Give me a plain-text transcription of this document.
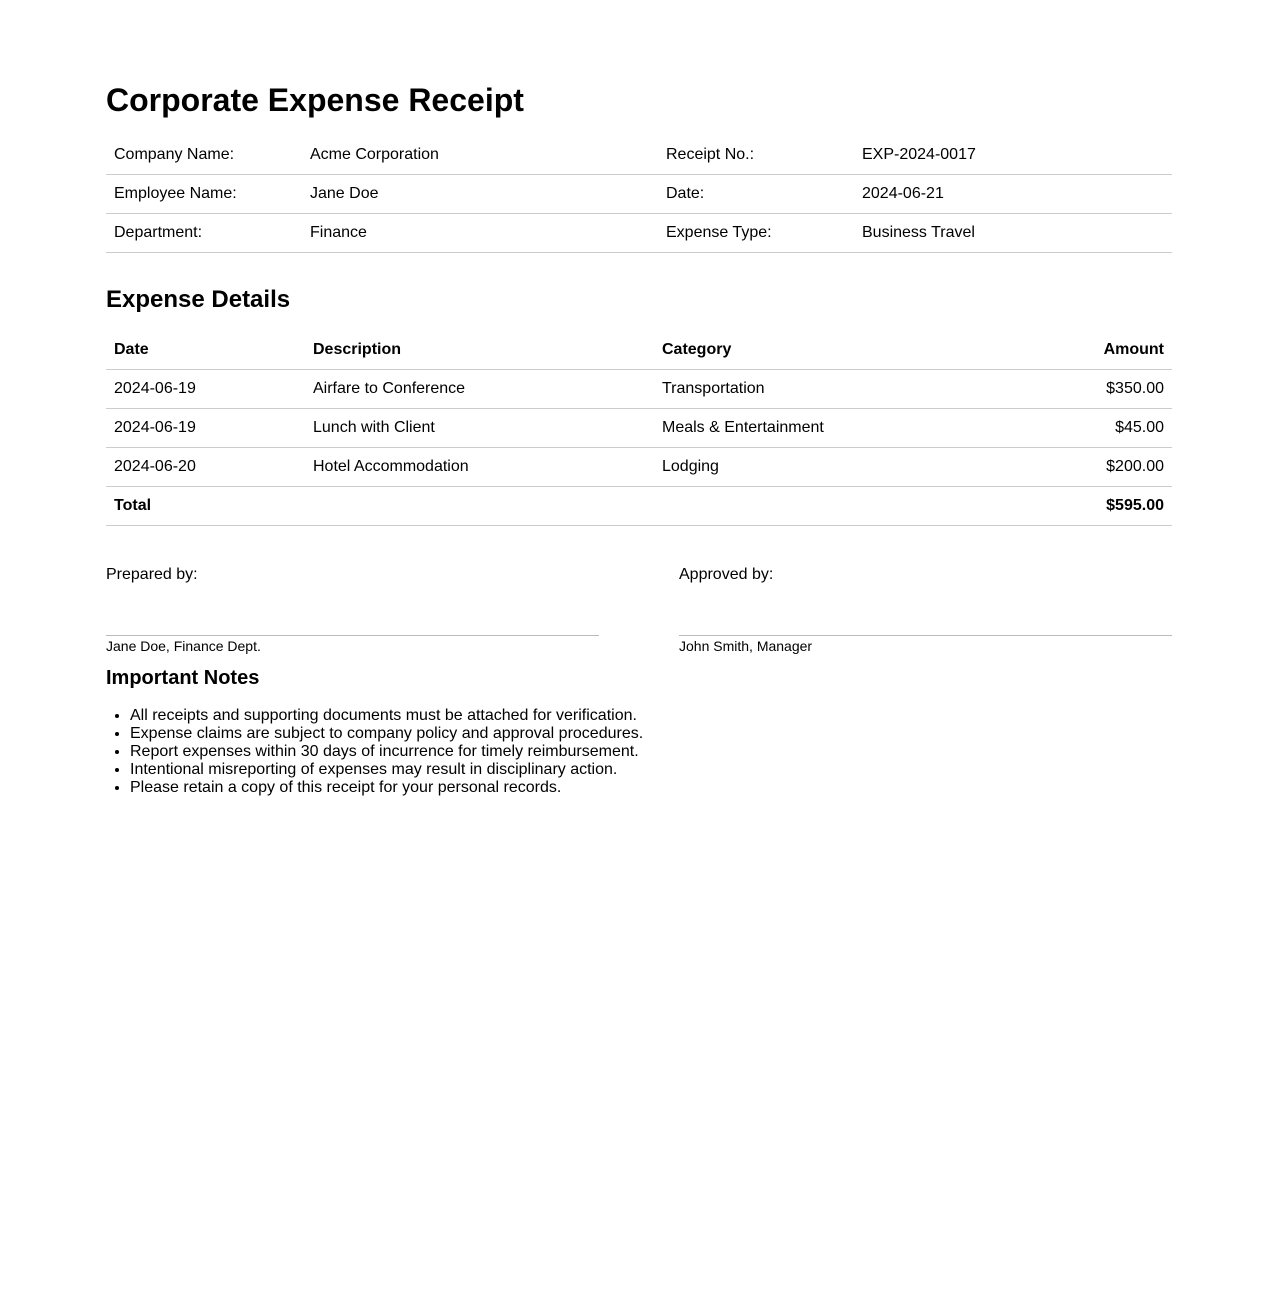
Corporate Expense Receipt
Company Name:	Acme Corporation	Receipt No.:	EXP-2024-0017
Employee Name:	Jane Doe	Date:	2024-06-21
Department:	Finance	Expense Type:	Business Travel
Expense Details
Date	Description	Category	Amount
2024-06-19	Airfare to Conference	Transportation	$350.00
2024-06-19	Lunch with Client	Meals & Entertainment	$45.00
2024-06-20	Hotel Accommodation	Lodging	$200.00
Total			$595.00
Prepared by:
Jane Doe, Finance Dept.
Approved by:
John Smith, Manager
Important Notes
• All receipts and supporting documents must be attached for verification.
• Expense claims are subject to company policy and approval procedures.
• Report expenses within 30 days of incurrence for timely reimbursement.
• Intentional misreporting of expenses may result in disciplinary action.
• Please retain a copy of this receipt for your personal records.
